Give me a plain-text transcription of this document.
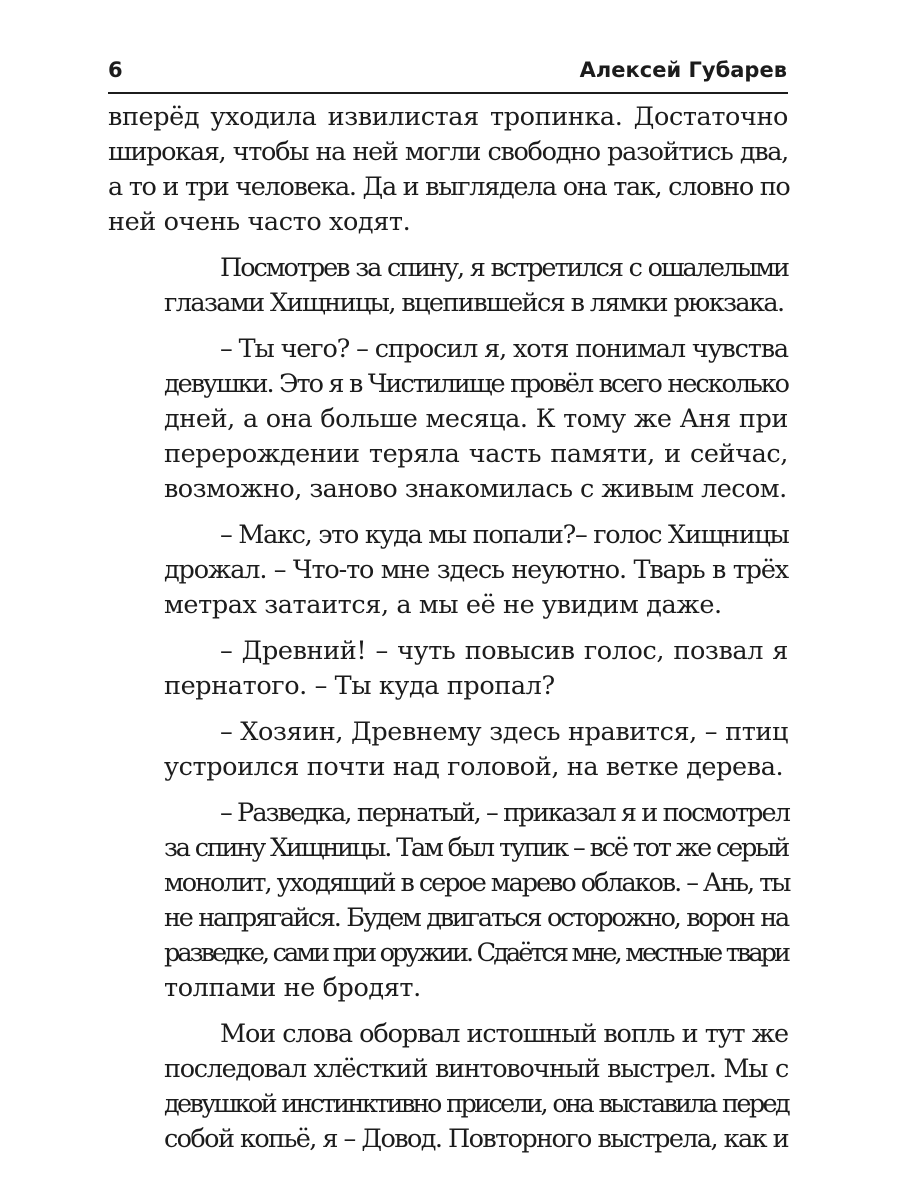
6	Алексей Губарев
вперёд уходила извилистая тропинка. Достаточно
широкая, чтобы на ней могли свободно разойтись два,
а то и три человека. Да и выглядела она так, словно по
ней очень часто ходят.
Посмотрев за спину, я встретился с ошалелыми
глазами Хищницы, вцепившейся в лямки рюкзака.
– Ты чего? – спросил я, хотя понимал чувства
девушки. Это я в Чистилище провёл всего несколько
дней, а она больше месяца. К тому же Аня при
перерождении теряла часть памяти, и сейчас,
возможно, заново знакомилась с живым лесом.
– Макс, это куда мы попали?– голос Хищницы
дрожал. – Что-то мне здесь неуютно. Тварь в трёх
метрах затаится, а мы её не увидим даже.
– Древний! – чуть повысив голос, позвал я
пернатого. – Ты куда пропал?
– Хозяин, Древнему здесь нравится, – птиц
устроился почти над головой, на ветке дерева.
– Разведка, пернатый, – приказал я и посмотрел
за спину Хищницы. Там был тупик – всё тот же серый
монолит, уходящий в серое марево облаков. – Ань, ты
не напрягайся. Будем двигаться осторожно, ворон на
разведке, сами при оружии. Сдаётся мне, местные твари
толпами не бродят.
Мои слова оборвал истошный вопль и тут же
последовал хлёсткий винтовочный выстрел. Мы с
девушкой инстинктивно присели, она выставила перед
собой копьё, я – Довод. Повторного выстрела, как и
